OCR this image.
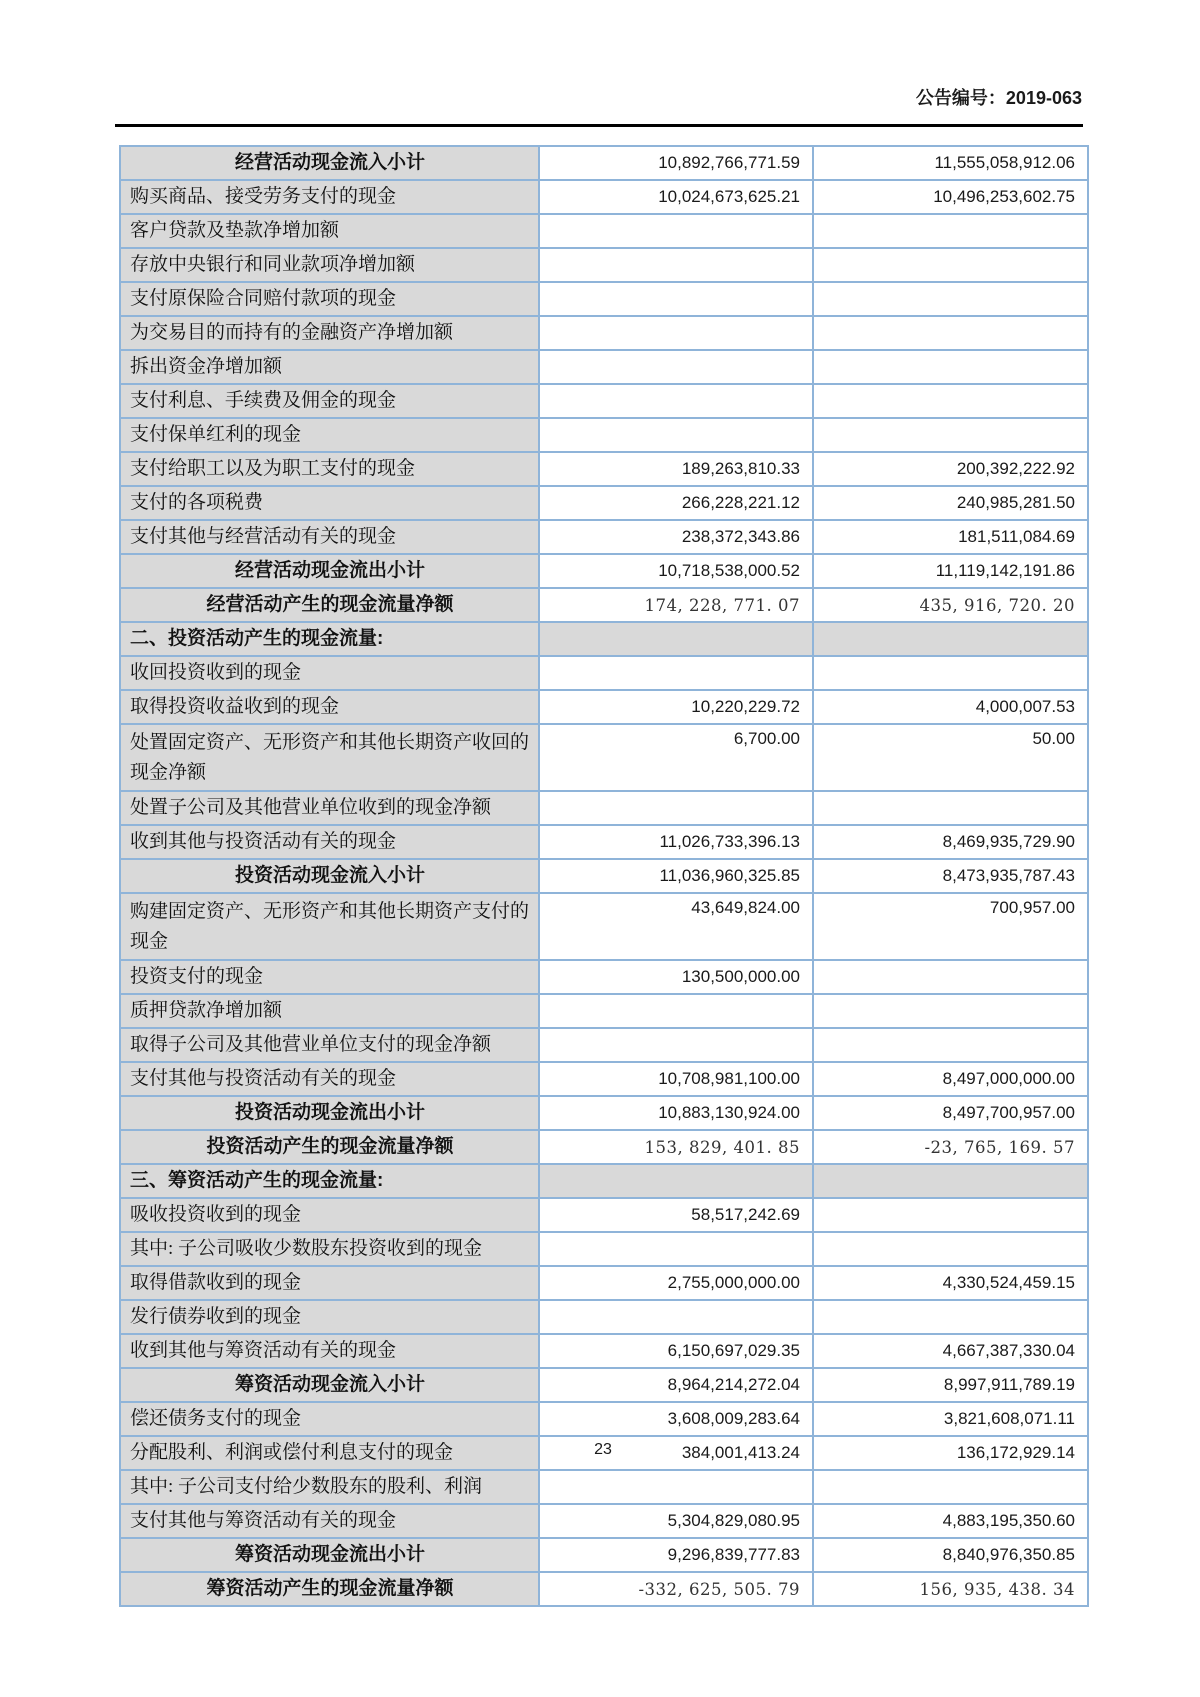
公告编号：2019-063
经营活动现金流入小计	10,892,766,771.59	11,555,058,912.06
购买商品、接受劳务支付的现金	10,024,673,625.21	10,496,253,602.75
客户贷款及垫款净增加额		
存放中央银行和同业款项净增加额		
支付原保险合同赔付款项的现金		
为交易目的而持有的金融资产净增加额		
拆出资金净增加额		
支付利息、手续费及佣金的现金		
支付保单红利的现金		
支付给职工以及为职工支付的现金	189,263,810.33	200,392,222.92
支付的各项税费	266,228,221.12	240,985,281.50
支付其他与经营活动有关的现金	238,372,343.86	181,511,084.69
经营活动现金流出小计	10,718,538,000.52	11,119,142,191.86
经营活动产生的现金流量净额	174, 228, 771. 07	435, 916, 720. 20
二、投资活动产生的现金流量:		
收回投资收到的现金		
取得投资收益收到的现金	10,220,229.72	4,000,007.53
处置固定资产、无形资产和其他长期资产收回的现金净额	6,700.00	50.00
处置子公司及其他营业单位收到的现金净额		
收到其他与投资活动有关的现金	11,026,733,396.13	8,469,935,729.90
投资活动现金流入小计	11,036,960,325.85	8,473,935,787.43
购建固定资产、无形资产和其他长期资产支付的现金	43,649,824.00	700,957.00
投资支付的现金	130,500,000.00	
质押贷款净增加额		
取得子公司及其他营业单位支付的现金净额		
支付其他与投资活动有关的现金	10,708,981,100.00	8,497,000,000.00
投资活动现金流出小计	10,883,130,924.00	8,497,700,957.00
投资活动产生的现金流量净额	153, 829, 401. 85	-23, 765, 169. 57
三、筹资活动产生的现金流量:		
吸收投资收到的现金	58,517,242.69	
其中: 子公司吸收少数股东投资收到的现金		
取得借款收到的现金	2,755,000,000.00	4,330,524,459.15
发行债券收到的现金		
收到其他与筹资活动有关的现金	6,150,697,029.35	4,667,387,330.04
筹资活动现金流入小计	8,964,214,272.04	8,997,911,789.19
偿还债务支付的现金	3,608,009,283.64	3,821,608,071.11
分配股利、利润或偿付利息支付的现金	384,001,413.24	136,172,929.14
其中: 子公司支付给少数股东的股利、利润		
支付其他与筹资活动有关的现金	5,304,829,080.95	4,883,195,350.60
筹资活动现金流出小计	9,296,839,777.83	8,840,976,350.85
筹资活动产生的现金流量净额	-332, 625, 505. 79	156, 935, 438. 34
23
